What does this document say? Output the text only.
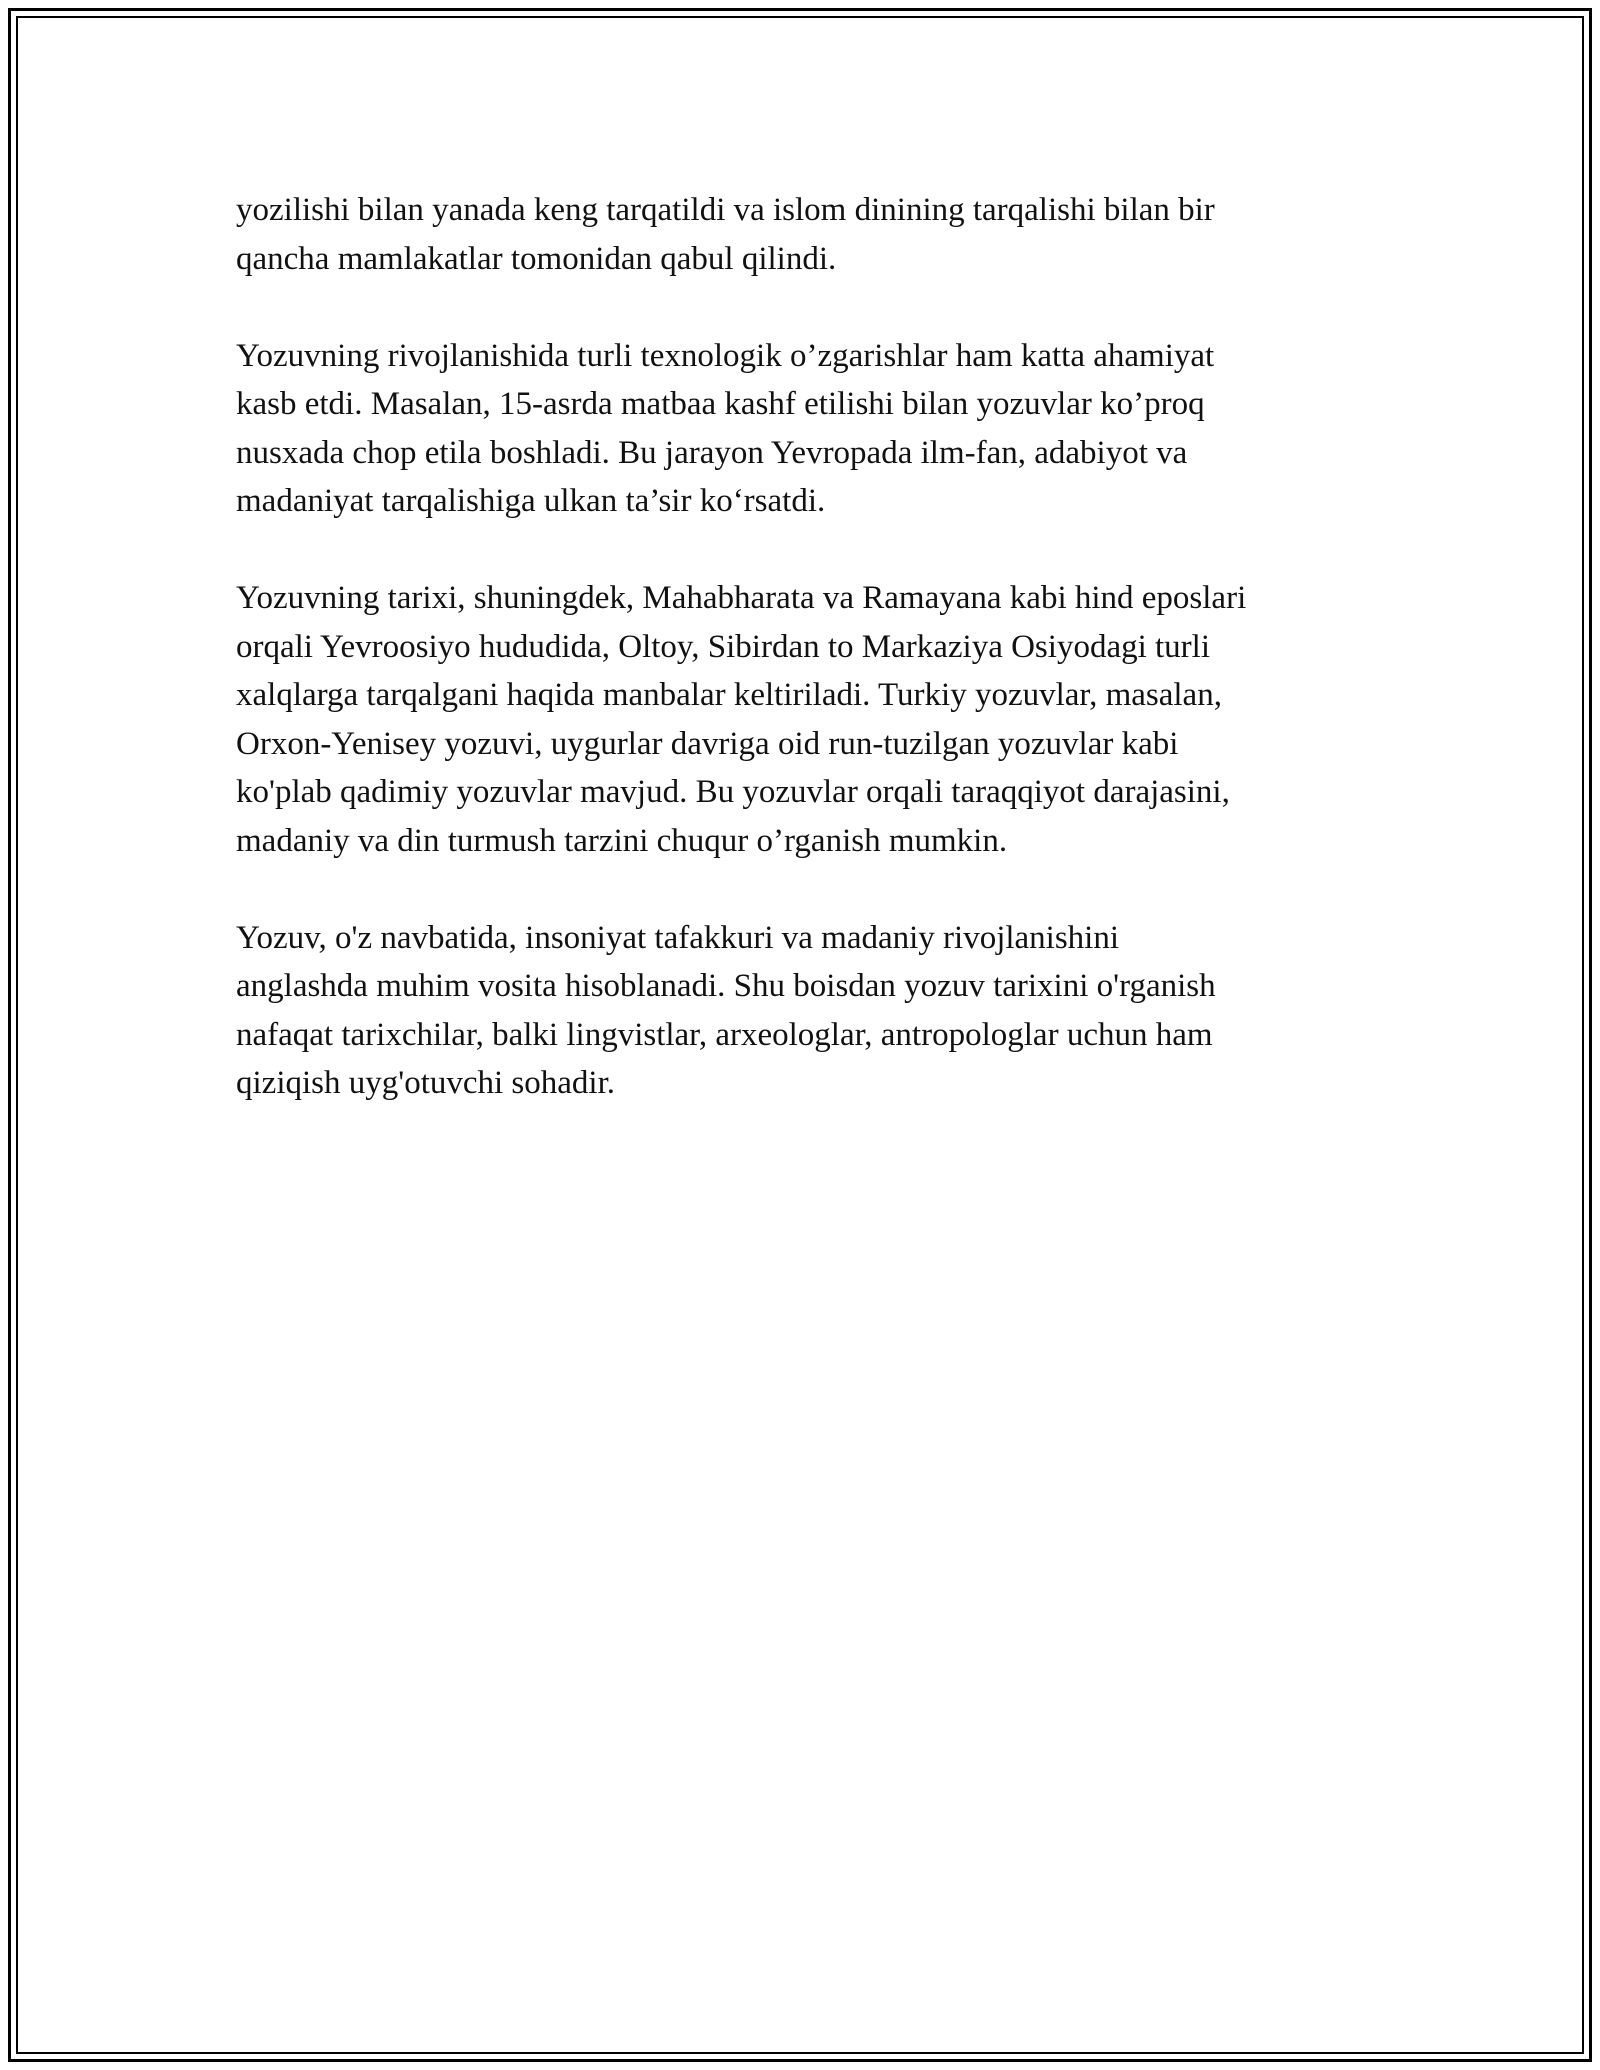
yozilishi bilan yanada keng tarqatildi va islom dinining tarqalishi bilan bir
qancha mamlakatlar tomonidan qabul qilindi.

Yozuvning rivojlanishida turli texnologik o’zgarishlar ham katta ahamiyat
kasb etdi. Masalan, 15-asrda matbaa kashf etilishi bilan yozuvlar ko’proq
nusxada chop etila boshladi. Bu jarayon Yevropada ilm-fan, adabiyot va
madaniyat tarqalishiga ulkan ta’sir ko‘rsatdi.

Yozuvning tarixi, shuningdek, Mahabharata va Ramayana kabi hind eposlari
orqali Yevroosiyo hududida, Oltoy, Sibirdan to Markaziya Osiyodagi turli
xalqlarga tarqalgani haqida manbalar keltiriladi. Turkiy yozuvlar, masalan,
Orxon-Yenisey yozuvi, uygurlar davriga oid run-tuzilgan yozuvlar kabi
ko'plab qadimiy yozuvlar mavjud. Bu yozuvlar orqali taraqqiyot darajasini,
madaniy va din turmush tarzini chuqur o’rganish mumkin.

Yozuv, o'z navbatida, insoniyat tafakkuri va madaniy rivojlanishini
anglashda muhim vosita hisoblanadi. Shu boisdan yozuv tarixini o'rganish
nafaqat tarixchilar, balki lingvistlar, arxeologlar, antropologlar uchun ham
qiziqish uyg'otuvchi sohadir.
